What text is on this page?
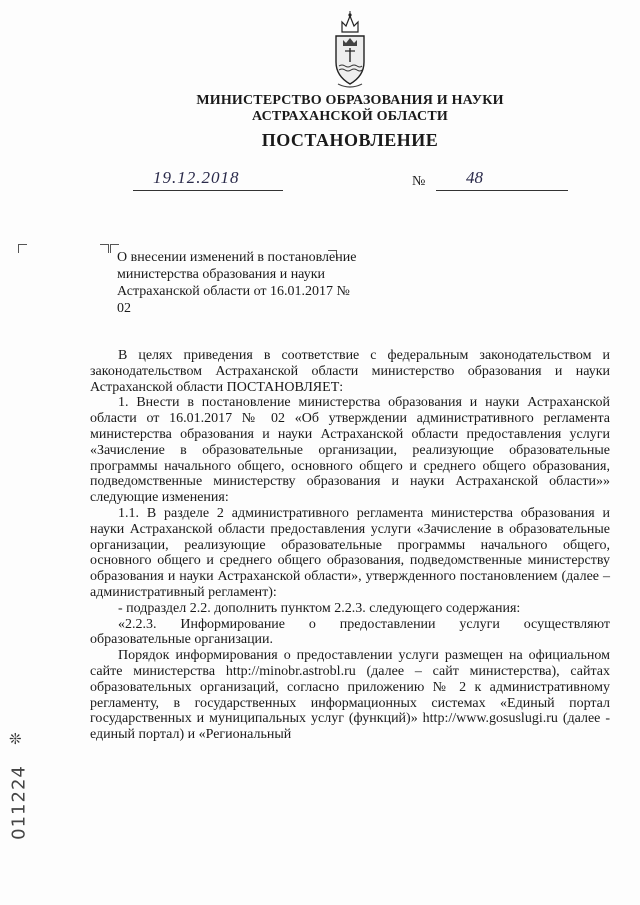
МИНИСТЕРСТВО ОБРАЗОВАНИЯ И НАУКИ
АСТРАХАНСКОЙ ОБЛАСТИ
ПОСТАНОВЛЕНИЕ
19.12.2018	№ 48
О внесении изменений в постановление министерства образования и науки Астраханской области от 16.01.2017 № 02

В целях приведения в соответствие с федеральным законодательством и законодательством Астраханской области министерство образования и науки Астраханской области ПОСТАНОВЛЯЕТ:

1. Внести в постановление министерства образования и науки Астраханской области от 16.01.2017 № 02 «Об утверждении административного регламента министерства образования и науки Астраханской области предоставления услуги «Зачисление в образовательные организации, реализующие образовательные программы начального общего, основного общего и среднего общего образования, подведомственные министерству образования и науки Астраханской области»» следующие изменения:

1.1. В разделе 2 административного регламента министерства образования и науки Астраханской области предоставления услуги «Зачисление в образовательные организации, реализующие образовательные программы начального общего, основного общего и среднего общего образования, подведомственные министерству образования и науки Астраханской области», утвержденного постановлением (далее – административный регламент):

- подраздел 2.2. дополнить пунктом 2.2.3. следующего содержания:

«2.2.3. Информирование о предоставлении услуги осуществляют образовательные организации.

Порядок информирования о предоставлении услуги размещен на официальном сайте министерства http://minobr.astrobl.ru (далее – сайт министерства), сайтах образовательных организаций, согласно приложению № 2 к административному регламенту, в государственных информационных системах «Единый портал государственных и муниципальных услуг (функций)» http://www.gosuslugi.ru (далее - единый портал) и «Региональный

❊
011224
